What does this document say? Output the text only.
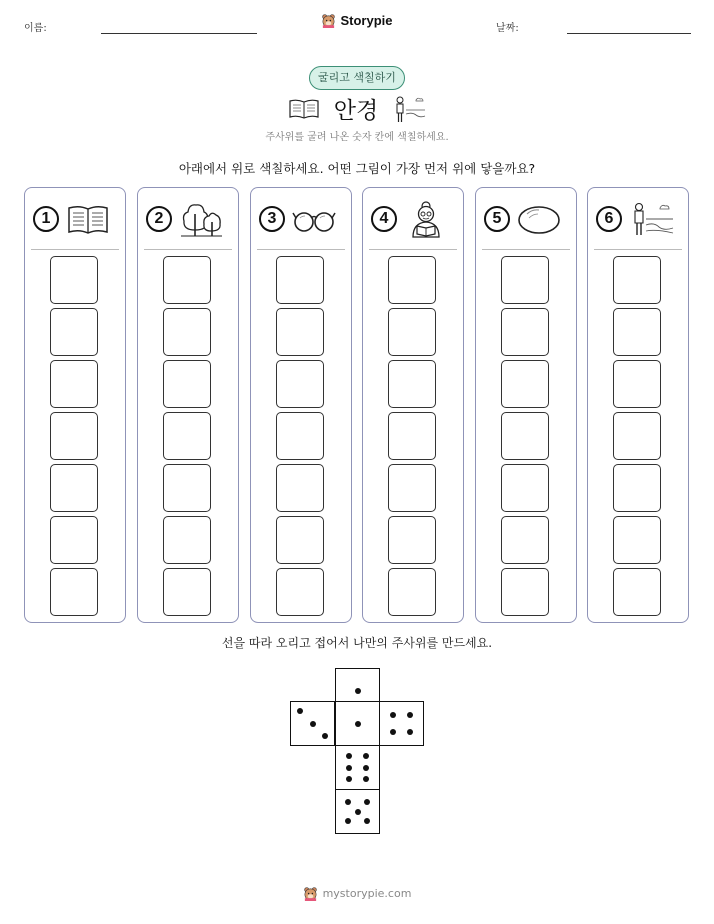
이름:
Storypie
날짜:
굴리고 색칠하기
안경
주사위를 굴려 나온 숫자 칸에 색칠하세요.
아래에서 위로 색칠하세요. 어떤 그림이 가장 먼저 위에 닿을까요?
1	2	3	4	5	6
선을 따라 오리고 접어서 나만의 주사위를 만드세요.
mystorypie.com
